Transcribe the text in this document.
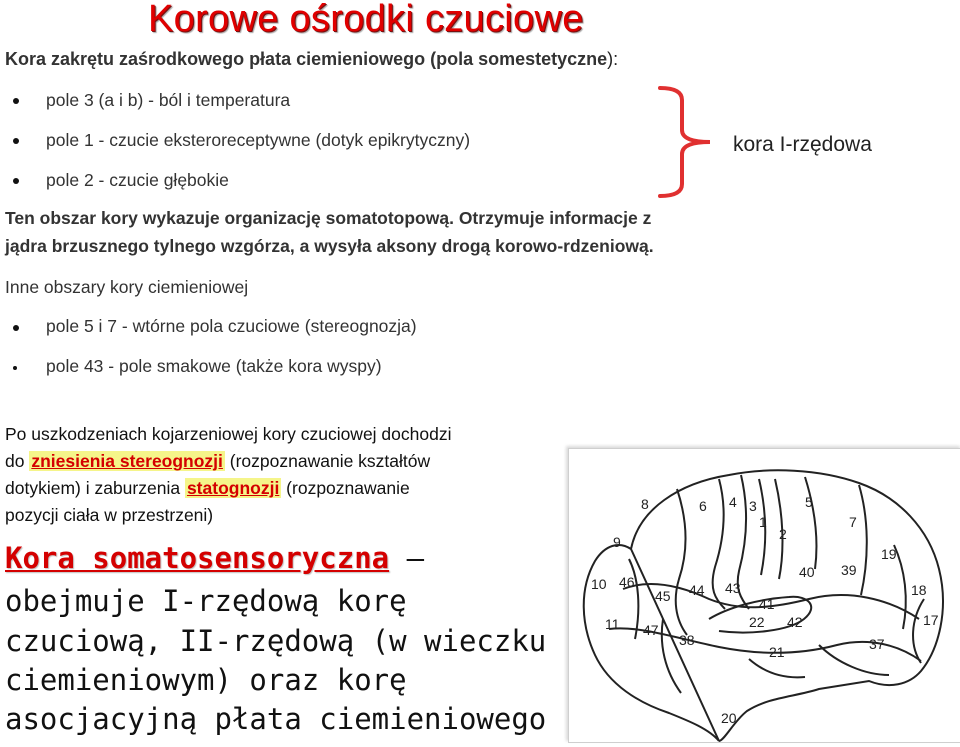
Korowe ośrodki czuciowe
Kora zakrętu zaśrodkowego płata ciemieniowego (pola somestetyczne):
pole 3 (a i b) - ból i temperatura
pole 1 - czucie eksteroreceptywne (dotyk epikrytyczny)
pole 2 - czucie głębokie
kora I-rzędowa
Ten obszar kory wykazuje organizację somatotopową. Otrzymuje informacje z
jądra brzusznego tylnego wzgórza, a wysyła aksony drogą korowo-rdzeniową.
Inne obszary kory ciemieniowej
pole 5 i 7 - wtórne pola czuciowe (stereognozja)
pole 43 - pole smakowe (także kora wyspy)
Po uszkodzeniach kojarzeniowej kory czuciowej dochodzi
do zniesienia stereognozji (rozpoznawanie kształtów
dotykiem) i zaburzenia statognozji (rozpoznawanie
pozycji ciała w przestrzeni)
Kora somatosensoryczna –
obejmuje I-rzędową korę
czuciową, II-rzędową (w wieczku
ciemieniowym) oraz korę
asocjacyjną płata ciemieniowego
6 4 3
1
2
5
7
8
9
19
39
40
43
41
42
44
45
46
10
11 47
38
22
21
18
17
20
37
